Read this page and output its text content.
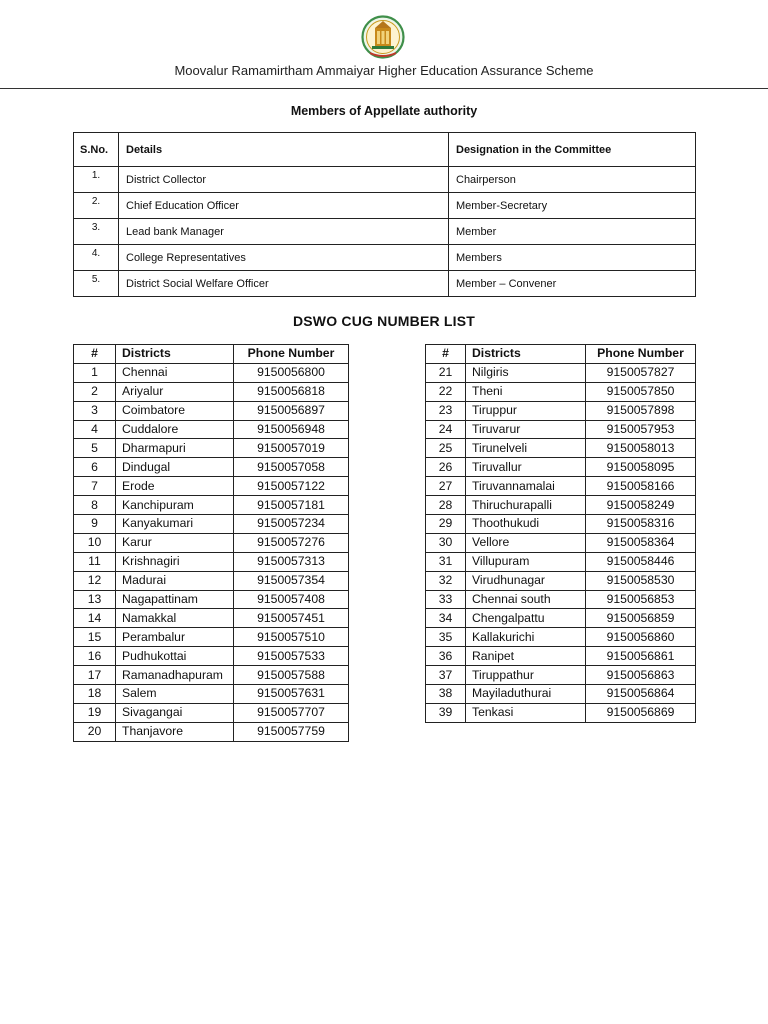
Moovalur Ramamirtham Ammaiyar Higher Education Assurance Scheme
Members of Appellate authority
S.No.	Details	Designation in the Committee
1.	District Collector	Chairperson
2.	Chief Education Officer	Member-Secretary
3.	Lead bank Manager	Member
4.	College Representatives	Members
5.	District Social Welfare Officer	Member – Convener
DSWO CUG NUMBER LIST
#	Districts	Phone Number
1	Chennai	9150056800
2	Ariyalur	9150056818
3	Coimbatore	9150056897
4	Cuddalore	9150056948
5	Dharmapuri	9150057019
6	Dindugal	9150057058
7	Erode	9150057122
8	Kanchipuram	9150057181
9	Kanyakumari	9150057234
10	Karur	9150057276
11	Krishnagiri	9150057313
12	Madurai	9150057354
13	Nagapattinam	9150057408
14	Namakkal	9150057451
15	Perambalur	9150057510
16	Pudhukottai	9150057533
17	Ramanadhapuram	9150057588
18	Salem	9150057631
19	Sivagangai	9150057707
20	Thanjavore	9150057759
#	Districts	Phone Number
21	Nilgiris	9150057827
22	Theni	9150057850
23	Tiruppur	9150057898
24	Tiruvarur	9150057953
25	Tirunelveli	9150058013
26	Tiruvallur	9150058095
27	Tiruvannamalai	9150058166
28	Thiruchurapalli	9150058249
29	Thoothukudi	9150058316
30	Vellore	9150058364
31	Villupuram	9150058446
32	Virudhunagar	9150058530
33	Chennai south	9150056853
34	Chengalpattu	9150056859
35	Kallakurichi	9150056860
36	Ranipet	9150056861
37	Tiruppathur	9150056863
38	Mayiladuthurai	9150056864
39	Tenkasi	9150056869
